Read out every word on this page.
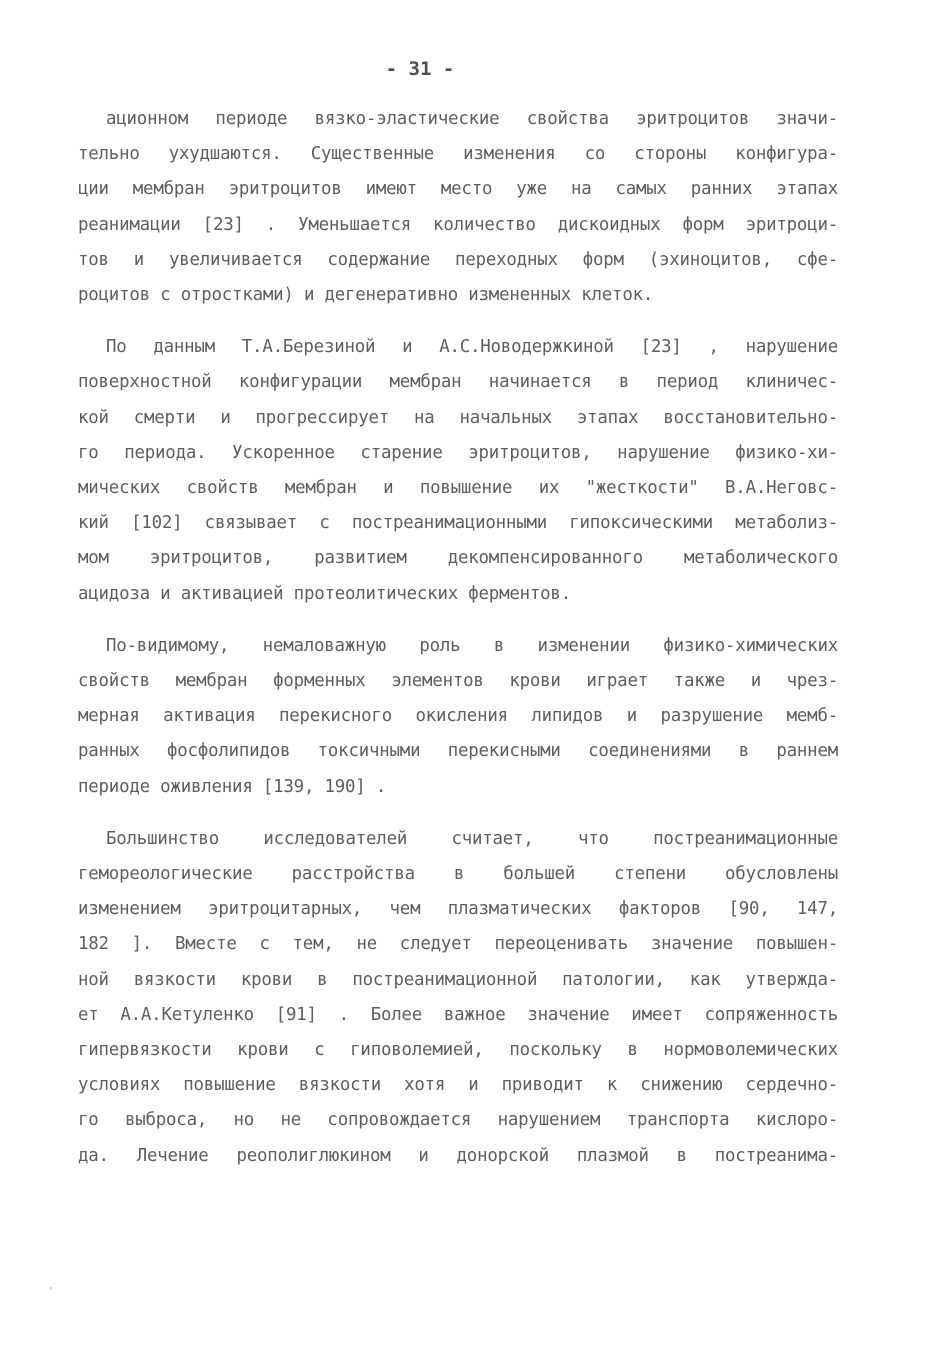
- 31 -
ационном периоде вязко-эластические свойства эритроцитов значи-
тельно ухудшаются. Существенные изменения со стороны конфигура-
ции мембран эритроцитов имеют место уже на самых ранних этапах
реанимации [23] . Уменьшается количество дискоидных форм эритроци-
тов и увеличивается содержание переходных форм (эхиноцитов, сфе-
роцитов с отростками) и дегенеративно измененных клеток.
По данным Т.А.Березиной и А.С.Новодержкиной [23] , нарушение
поверхностной конфигурации мембран начинается в период клиничес-
кой смерти и прогрессирует на начальных этапах восстановительно-
го периода. Ускоренное старение эритроцитов, нарушение физико-хи-
мических свойств мембран и повышение их "жесткости" В.А.Неговс-
кий [102] связывает с постреанимационными гипоксическими метаболиз-
мом эритроцитов, развитием декомпенсированного метаболического
ацидоза и активацией протеолитических ферментов.
По-видимому, немаловажную роль в изменении физико-химических
свойств мембран форменных элементов крови играет также и чрез-
мерная активация перекисного окисления липидов и разрушение мемб-
ранных фосфолипидов токсичными перекисными соединениями в раннем
периоде оживления [139, 190] .
Большинство исследователей считает, что постреанимационные
гемореологические расстройства в большей степени обусловлены
изменением эритроцитарных, чем плазматических факторов [90, 147,
182 ]. Вместе с тем, не следует переоценивать значение повышен-
ной вязкости крови в постреанимационной патологии, как утвержда-
ет А.А.Кетуленко [91] . Более важное значение имеет сопряженность
гипервязкости крови с гиповолемией, поскольку в нормоволемических
условиях повышение вязкости хотя и приводит к снижению сердечно-
го выброса, но не сопровождается нарушением транспорта кислоро-
да. Лечение реополиглюкином и донорской плазмой в постреанима-
'
